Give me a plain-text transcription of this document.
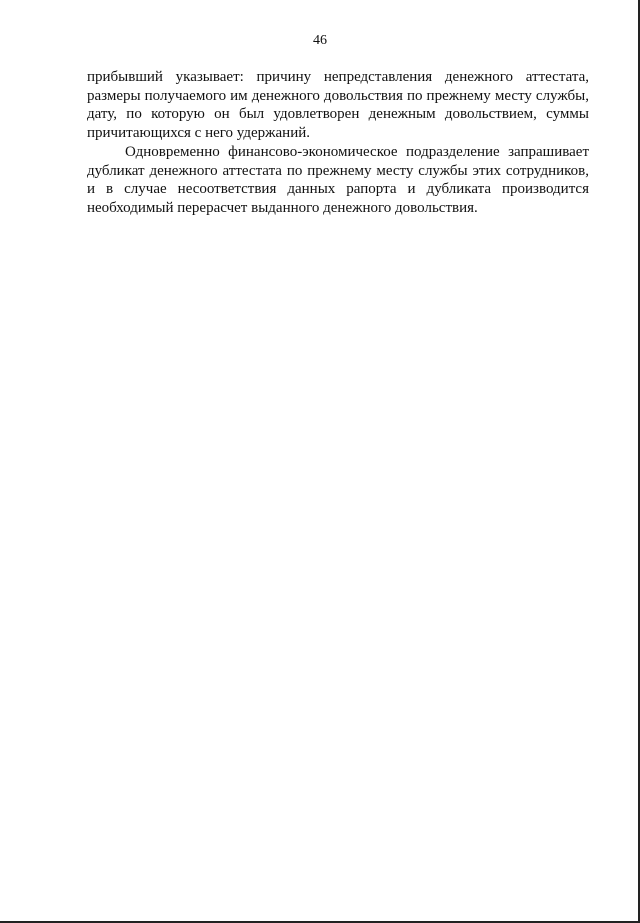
46

прибывший указывает: причину непредставления денежного аттестата,
размеры получаемого им денежного довольствия по прежнему месту службы,
дату, по которую он был удовлетворен денежным довольствием, суммы
причитающихся с него удержаний.

Одновременно финансово-экономическое подразделение запрашивает
дубликат денежного аттестата по прежнему месту службы этих сотрудников,
и в случае несоответствия данных рапорта и дубликата производится
необходимый перерасчет выданного денежного довольствия.
